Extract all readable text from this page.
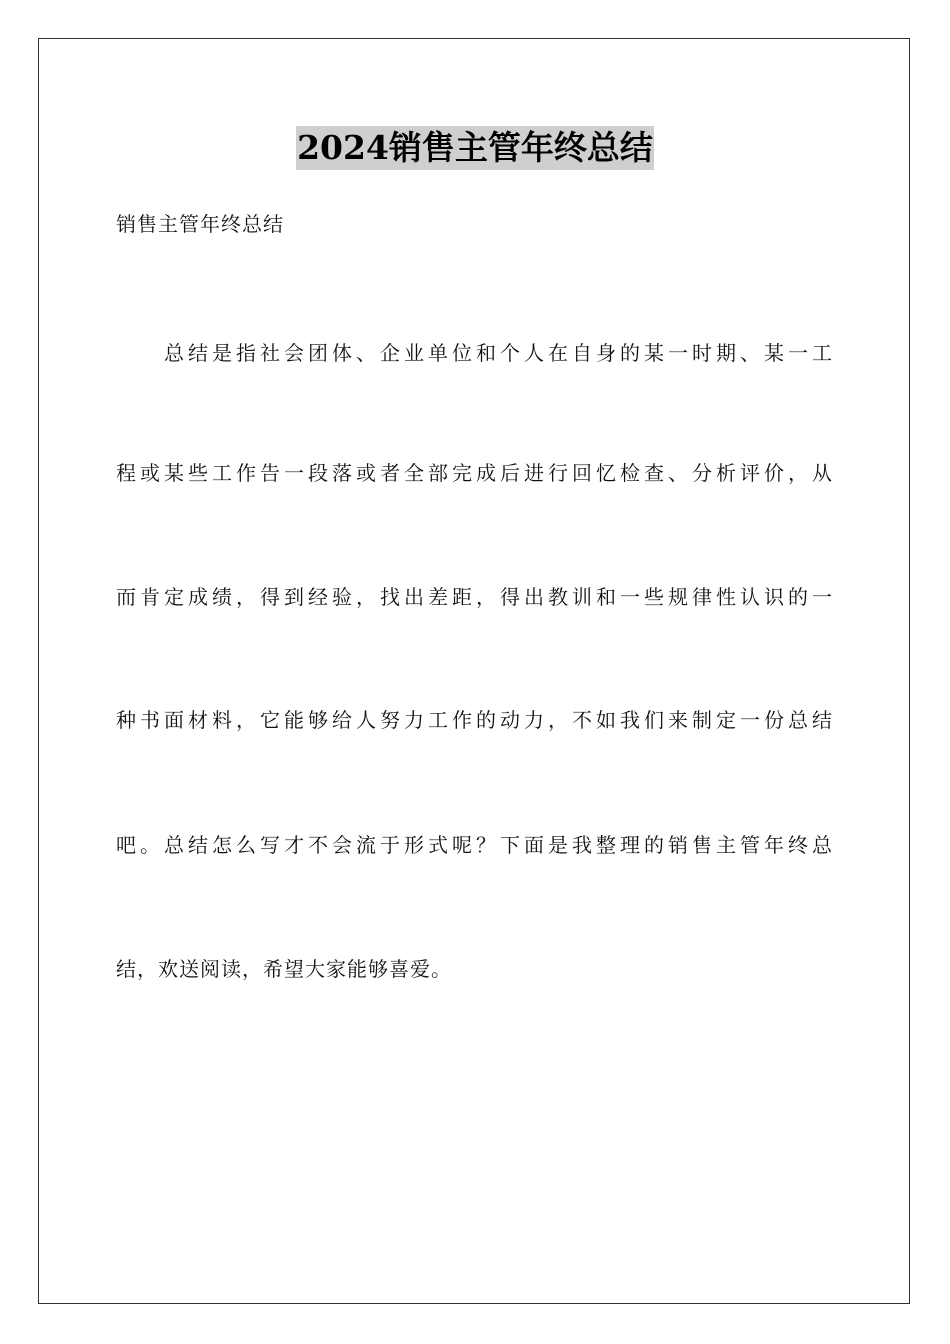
2024销售主管年终总结
销售主管年终总结
总结是指社会团体、企业单位和个人在自身的某一时期、某一工
程或某些工作告一段落或者全部完成后进行回忆检查、分析评价，从
而肯定成绩，得到经验，找出差距，得出教训和一些规律性认识的一
种书面材料，它能够给人努力工作的动力，不如我们来制定一份总结
吧。总结怎么写才不会流于形式呢？下面是我整理的销售主管年终总
结，欢送阅读，希望大家能够喜爱。
